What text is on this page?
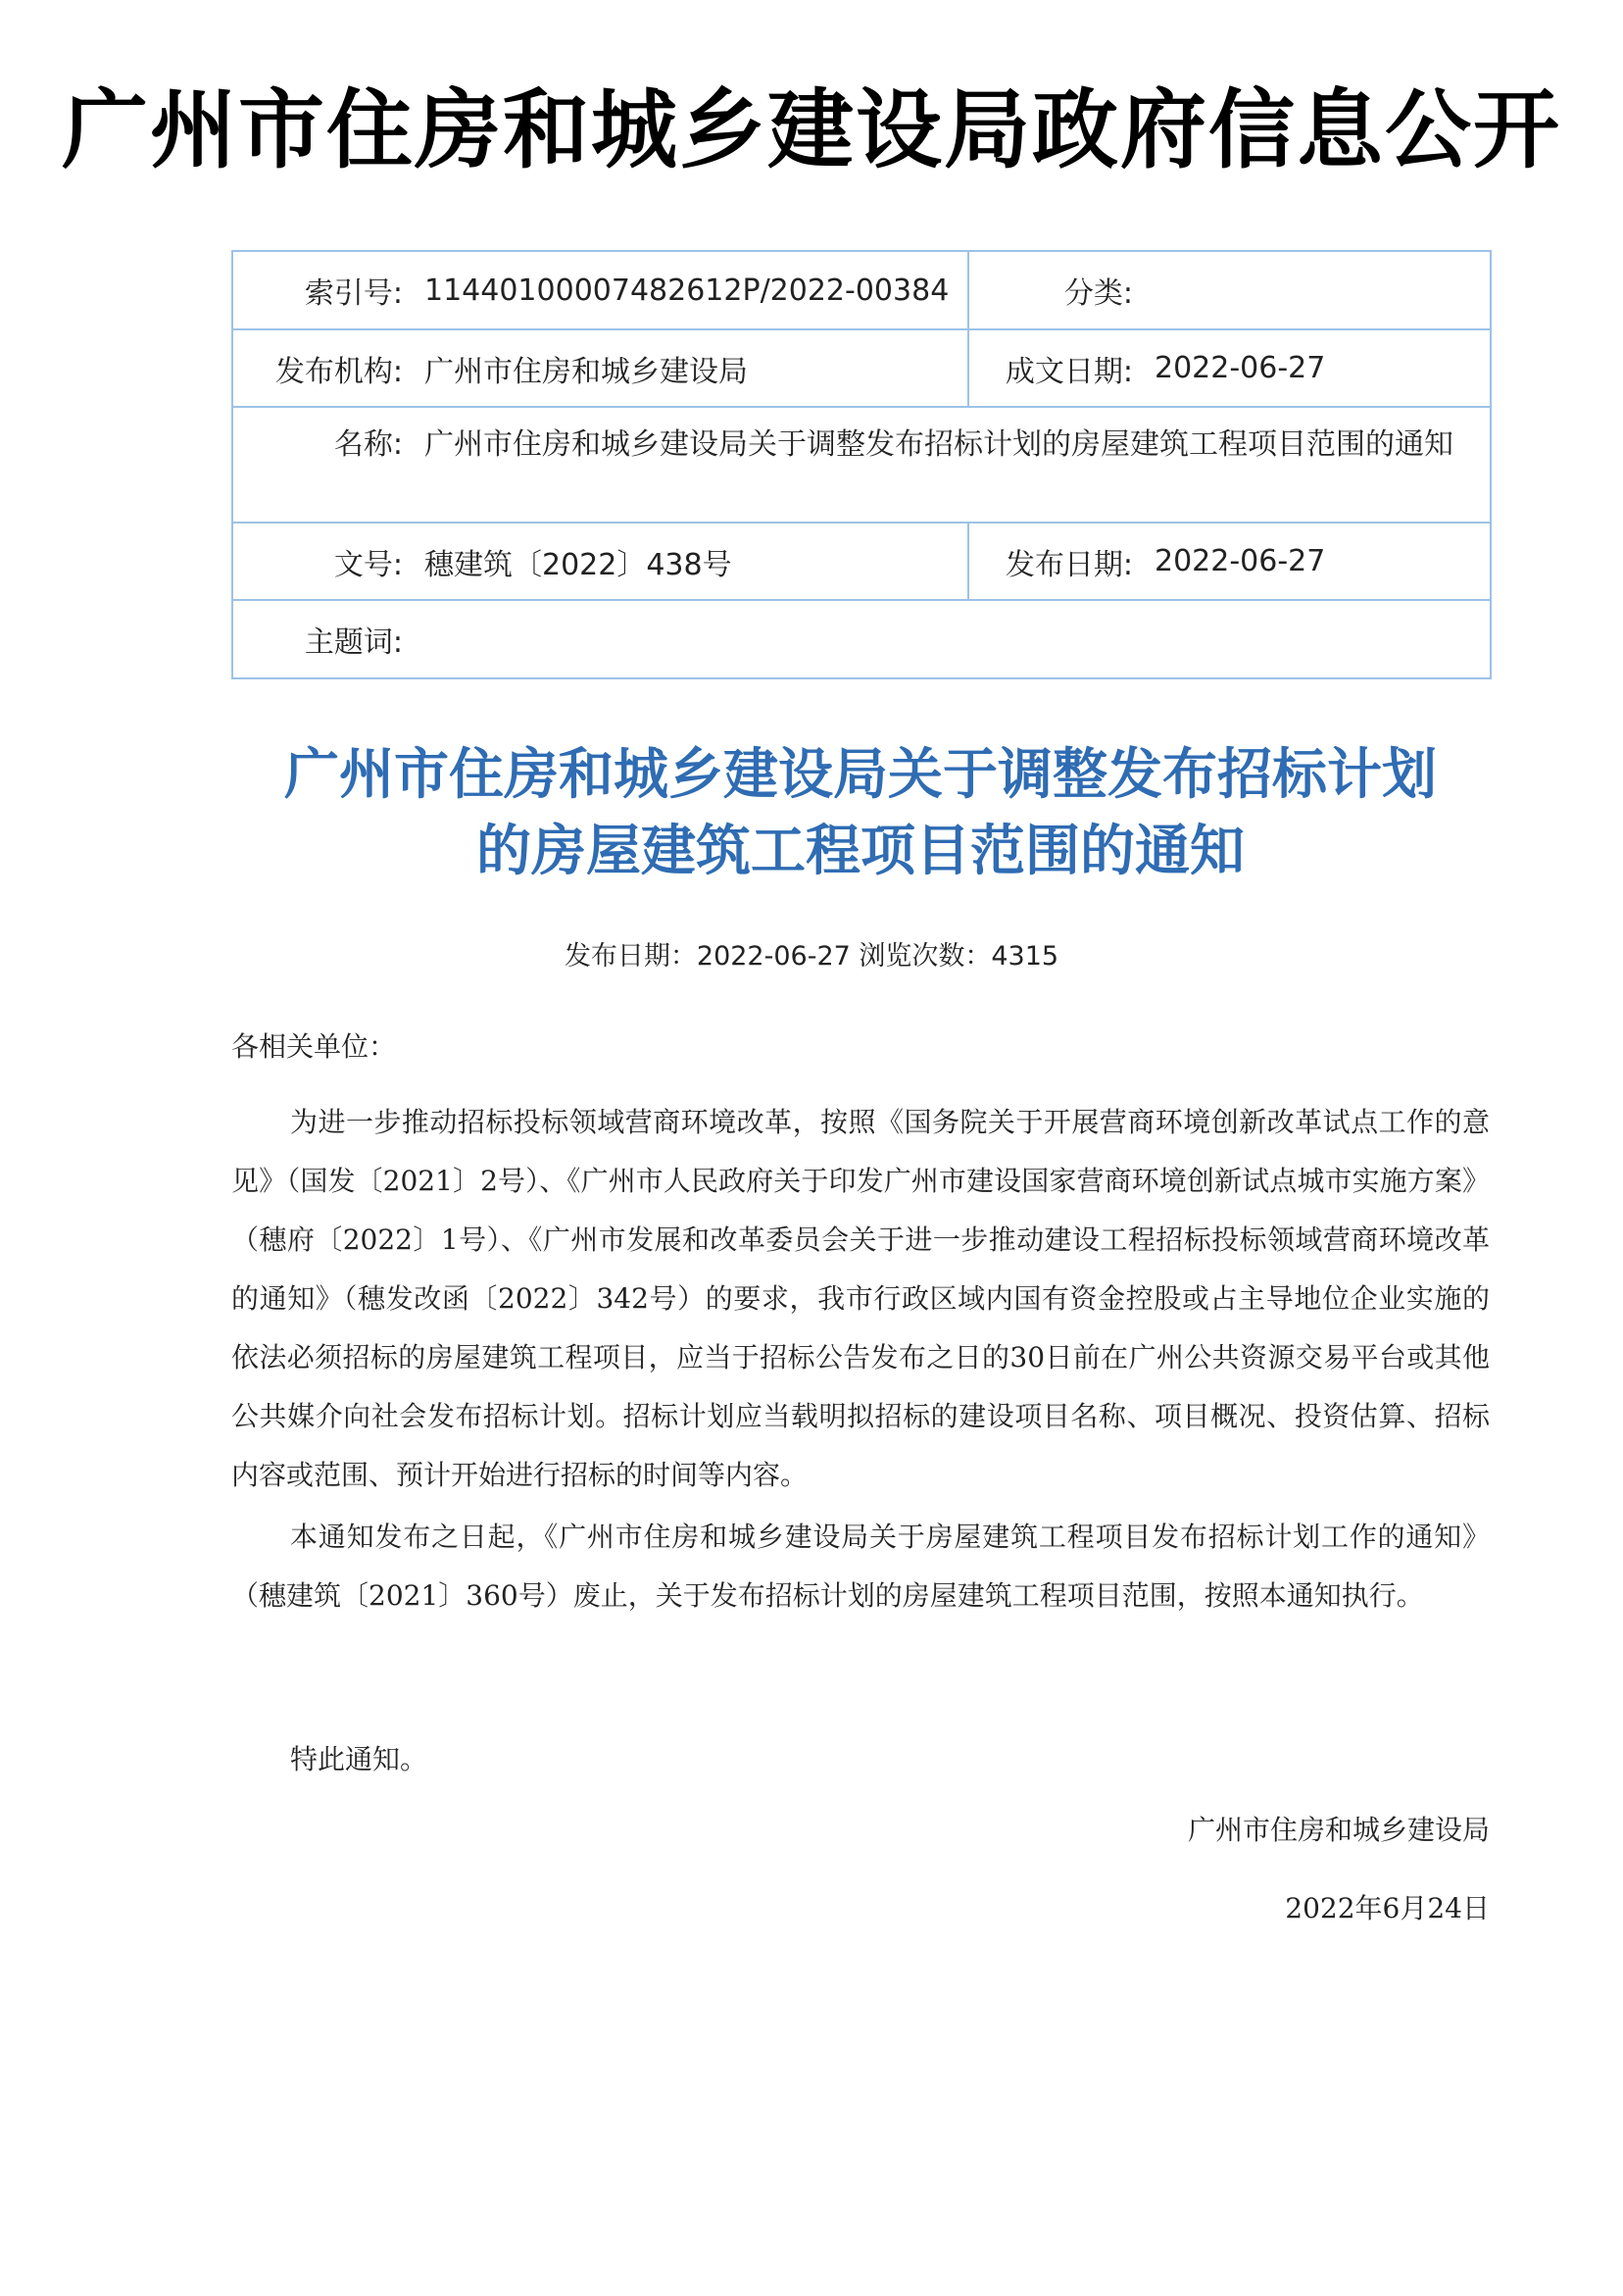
广州市住房和城乡建设局政府信息公开
索引号:	11440100007482612P/2022-00384	分类:	
发布机构:	广州市住房和城乡建设局	成文日期:	2022-06-27
名称:	广州市住房和城乡建设局关于调整发布招标计划的房屋建筑工程项目范围的通知		
文号:	穗建筑〔2022〕438号	发布日期:	2022-06-27
主题词:			
广州市住房和城乡建设局关于调整发布招标计划
的房屋建筑工程项目范围的通知
发布日期：2022-06-27 浏览次数：4315
各相关单位：
为进一步推动招标投标领域营商环境改革，按照《国务院关于开展营商环境创新改革试点工作的意见》（国发〔2021〕2号）、《广州市人民政府关于印发广州市建设国家营商环境创新试点城市实施方案》（穗府〔2022〕1号）、《广州市发展和改革委员会关于进一步推动建设工程招标投标领域营商环境改革的通知》（穗发改函〔2022〕342号）的要求，我市行政区域内国有资金控股或占主导地位企业实施的依法必须招标的房屋建筑工程项目，应当于招标公告发布之日的30日前在广州公共资源交易平台或其他公共媒介向社会发布招标计划。招标计划应当载明拟招标的建设项目名称、项目概况、投资估算、招标内容或范围、预计开始进行招标的时间等内容。
本通知发布之日起，《广州市住房和城乡建设局关于房屋建筑工程项目发布招标计划工作的通知》（穗建筑〔2021〕360号）废止，关于发布招标计划的房屋建筑工程项目范围，按照本通知执行。
特此通知。
广州市住房和城乡建设局
2022年6月24日
